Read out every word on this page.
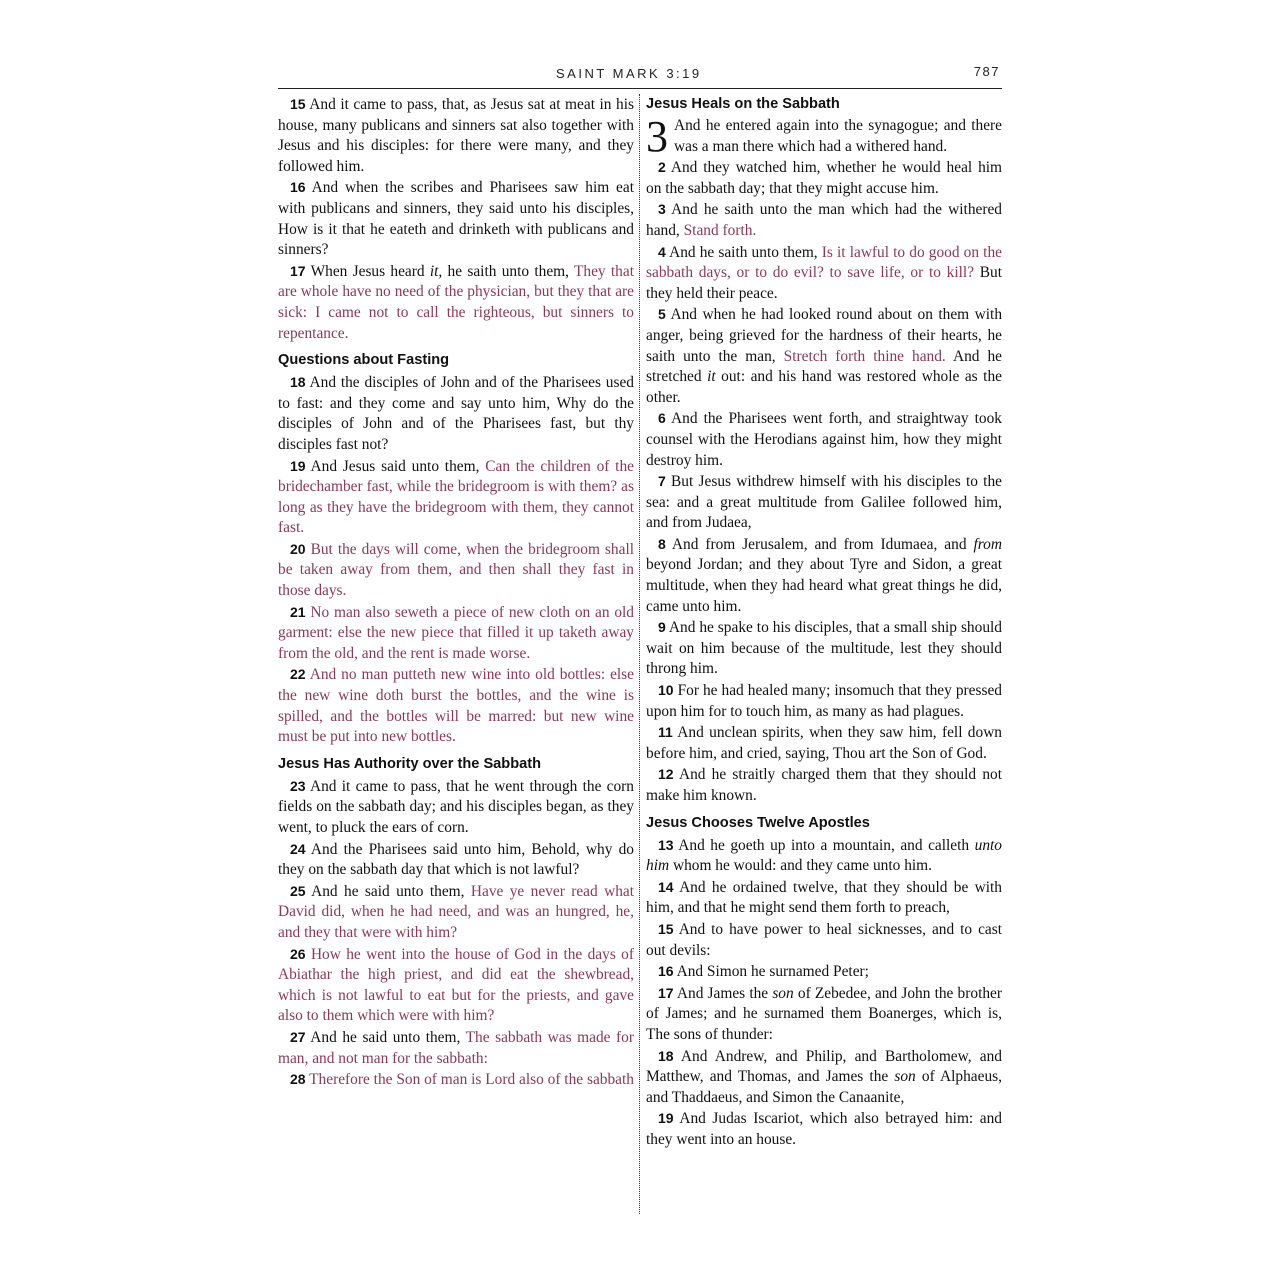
SAINT MARK 3:19	787

15 And it came to pass, that, as Jesus sat at meat in his house, many publicans and sinners sat also together with Jesus and his disciples: for there were many, and they followed him.

16 And when the scribes and Pharisees saw him eat with publicans and sinners, they said unto his disciples, How is it that he eateth and drinketh with publicans and sinners?

17 When Jesus heard it, he saith unto them, They that are whole have no need of the physician, but they that are sick: I came not to call the righteous, but sinners to repentance.

Questions about Fasting

18 And the disciples of John and of the Pharisees used to fast: and they come and say unto him, Why do the disciples of John and of the Pharisees fast, but thy disciples fast not?

19 And Jesus said unto them, Can the children of the bridechamber fast, while the bridegroom is with them? as long as they have the bridegroom with them, they cannot fast.

20 But the days will come, when the bridegroom shall be taken away from them, and then shall they fast in those days.

21 No man also seweth a piece of new cloth on an old garment: else the new piece that filled it up taketh away from the old, and the rent is made worse.

22 And no man putteth new wine into old bottles: else the new wine doth burst the bottles, and the wine is spilled, and the bottles will be marred: but new wine must be put into new bottles.

Jesus Has Authority over the Sabbath

23 And it came to pass, that he went through the corn fields on the sabbath day; and his disciples began, as they went, to pluck the ears of corn.

24 And the Pharisees said unto him, Behold, why do they on the sabbath day that which is not lawful?

25 And he said unto them, Have ye never read what David did, when he had need, and was an hungred, he, and they that were with him?

26 How he went into the house of God in the days of Abiathar the high priest, and did eat the shewbread, which is not lawful to eat but for the priests, and gave also to them which were with him?

27 And he said unto them, The sabbath was made for man, and not man for the sabbath:

28 Therefore the Son of man is Lord also of the sabbath

Jesus Heals on the Sabbath

3 And he entered again into the synagogue; and there was a man there which had a withered hand.

2 And they watched him, whether he would heal him on the sabbath day; that they might accuse him.

3 And he saith unto the man which had the withered hand, Stand forth.

4 And he saith unto them, Is it lawful to do good on the sabbath days, or to do evil? to save life, or to kill? But they held their peace.

5 And when he had looked round about on them with anger, being grieved for the hardness of their hearts, he saith unto the man, Stretch forth thine hand. And he stretched it out: and his hand was restored whole as the other.

6 And the Pharisees went forth, and straightway took counsel with the Herodians against him, how they might destroy him.

7 But Jesus withdrew himself with his disciples to the sea: and a great multitude from Galilee followed him, and from Judaea,

8 And from Jerusalem, and from Idumaea, and from beyond Jordan; and they about Tyre and Sidon, a great multitude, when they had heard what great things he did, came unto him.

9 And he spake to his disciples, that a small ship should wait on him because of the multitude, lest they should throng him.

10 For he had healed many; insomuch that they pressed upon him for to touch him, as many as had plagues.

11 And unclean spirits, when they saw him, fell down before him, and cried, saying, Thou art the Son of God.

12 And he straitly charged them that they should not make him known.

Jesus Chooses Twelve Apostles

13 And he goeth up into a mountain, and calleth unto him whom he would: and they came unto him.

14 And he ordained twelve, that they should be with him, and that he might send them forth to preach,

15 And to have power to heal sicknesses, and to cast out devils:

16 And Simon he surnamed Peter;

17 And James the son of Zebedee, and John the brother of James; and he surnamed them Boanerges, which is, The sons of thunder:

18 And Andrew, and Philip, and Bartholomew, and Matthew, and Thomas, and James the son of Alphaeus, and Thaddaeus, and Simon the Canaanite,

19 And Judas Iscariot, which also betrayed him: and they went into an house.
